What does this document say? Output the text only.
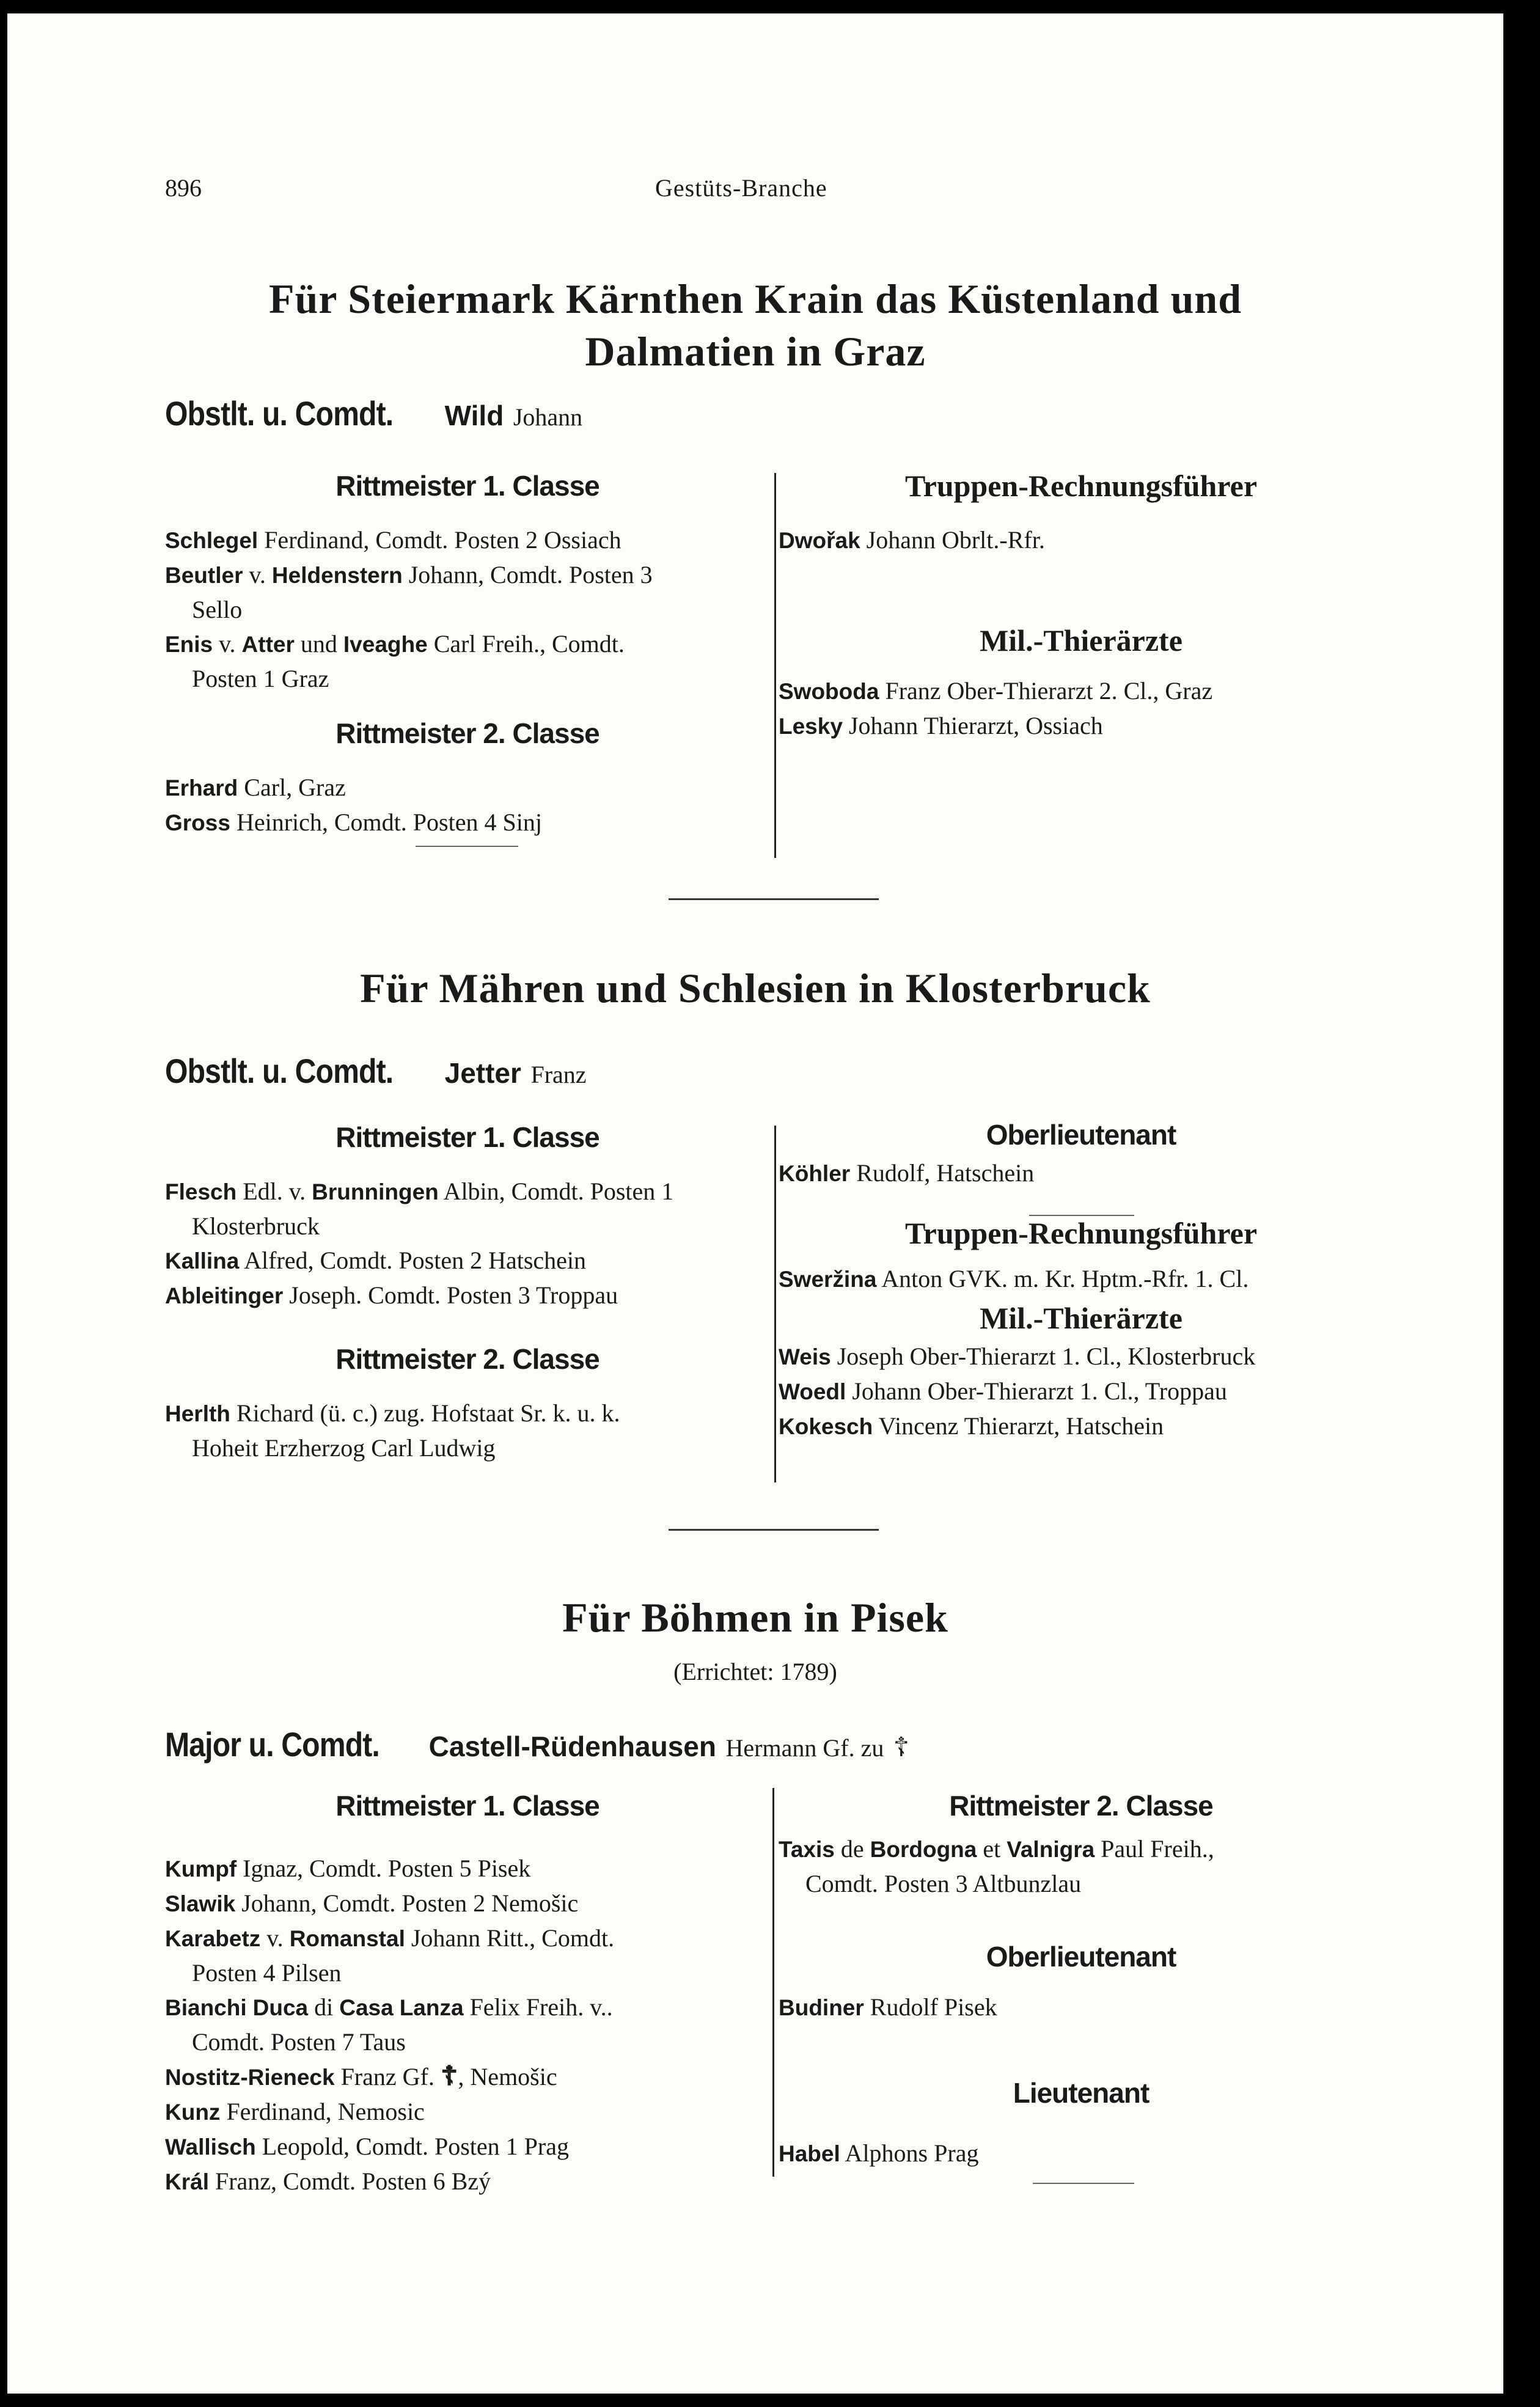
896	Gestüts-Branche
Für Steiermark Kärnthen Krain das Küstenland und
Dalmatien in Graz
Obstlt. u. Comdt. Wild Johann
Rittmeister 1. Classe

Schlegel Ferdinand, Comdt. Posten 2 Ossiach

Beutler v. Heldenstern Johann, Comdt. Posten 3
Sello

Enis v. Atter und Iveaghe Carl Freih., Comdt.
Posten 1 Graz

Rittmeister 2. Classe

Erhard Carl, Graz

Gross Heinrich, Comdt. Posten 4 Sinj

Truppen-Rechnungsführer

Dwořak Johann Obrlt.-Rfr.

Mil.-Thierärzte

Swoboda Franz Ober-Thierarzt 2. Cl., Graz

Lesky Johann Thierarzt, Ossiach

Für Mähren und Schlesien in Klosterbruck
Obstlt. u. Comdt. Jetter Franz
Rittmeister 1. Classe

Flesch Edl. v. Brunningen Albin, Comdt. Posten 1
Klosterbruck

Kallina Alfred, Comdt. Posten 2 Hatschein

Ableitinger Joseph. Comdt. Posten 3 Troppau

Rittmeister 2. Classe

Herlth Richard (ü. c.) zug. Hofstaat Sr. k. u. k.
Hoheit Erzherzog Carl Ludwig

Oberlieutenant

Köhler Rudolf, Hatschein

Truppen-Rechnungsführer

Sweržina Anton GVK. m. Kr. Hptm.-Rfr. 1. Cl.

Mil.-Thierärzte

Weis Joseph Ober-Thierarzt 1. Cl., Klosterbruck

Woedl Johann Ober-Thierarzt 1. Cl., Troppau

Kokesch Vincenz Thierarzt, Hatschein

Für Böhmen in Pisek
(Errichtet: 1789)
Major u. Comdt. Castell-Rüdenhausen Hermann Gf. zu ☦
Rittmeister 1. Classe

Kumpf Ignaz, Comdt. Posten 5 Pisek

Slawik Johann, Comdt. Posten 2 Nemošic

Karabetz v. Romanstal Johann Ritt., Comdt.
Posten 4 Pilsen

Bianchi Duca di Casa Lanza Felix Freih. v..
Comdt. Posten 7 Taus

Nostitz-Rieneck Franz Gf. ☦, Nemošic

Kunz Ferdinand, Nemosic

Wallisch Leopold, Comdt. Posten 1 Prag

Král Franz, Comdt. Posten 6 Bzý

Rittmeister 2. Classe

Taxis de Bordogna et Valnigra Paul Freih.,
Comdt. Posten 3 Altbunzlau

Oberlieutenant

Budiner Rudolf Pisek

Lieutenant

Habel Alphons Prag
